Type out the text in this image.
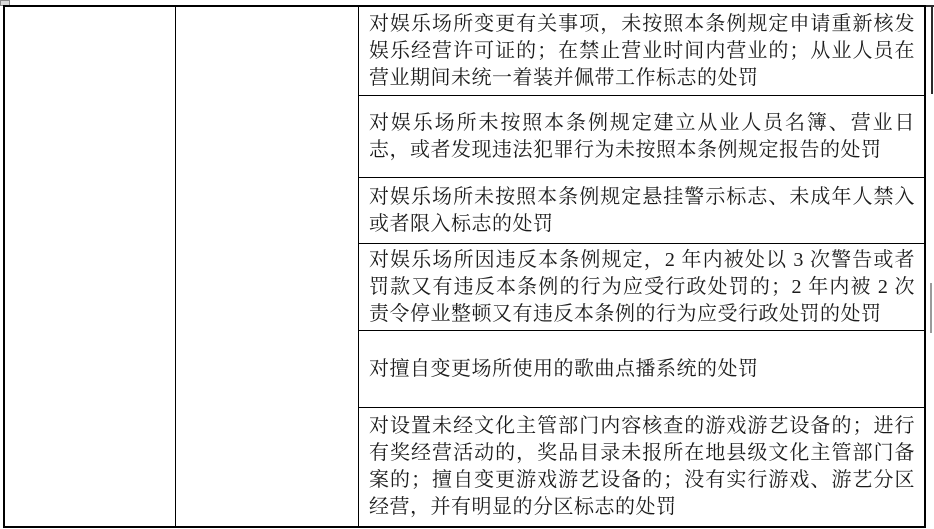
对娱乐场所变更有关事项，未按照本条例规定申请重新核发娱乐经营许可证的；在禁止营业时间内营业的；从业人员在营业期间未统一着装并佩带工作标志的处罚
对娱乐场所未按照本条例规定建立从业人员名簿、营业日志，或者发现违法犯罪行为未按照本条例规定报告的处罚
对娱乐场所未按照本条例规定悬挂警示标志、未成年人禁入或者限入标志的处罚
对娱乐场所因违反本条例规定，2 年内被处以 3 次警告或者罚款又有违反本条例的行为应受行政处罚的；2 年内被 2 次责令停业整顿又有违反本条例的行为应受行政处罚的处罚
对擅自变更场所使用的歌曲点播系统的处罚
对设置未经文化主管部门内容核查的游戏游艺设备的；进行有奖经营活动的，奖品目录未报所在地县级文化主管部门备案的；擅自变更游戏游艺设备的；没有实行游戏、游艺分区经营，并有明显的分区标志的处罚
